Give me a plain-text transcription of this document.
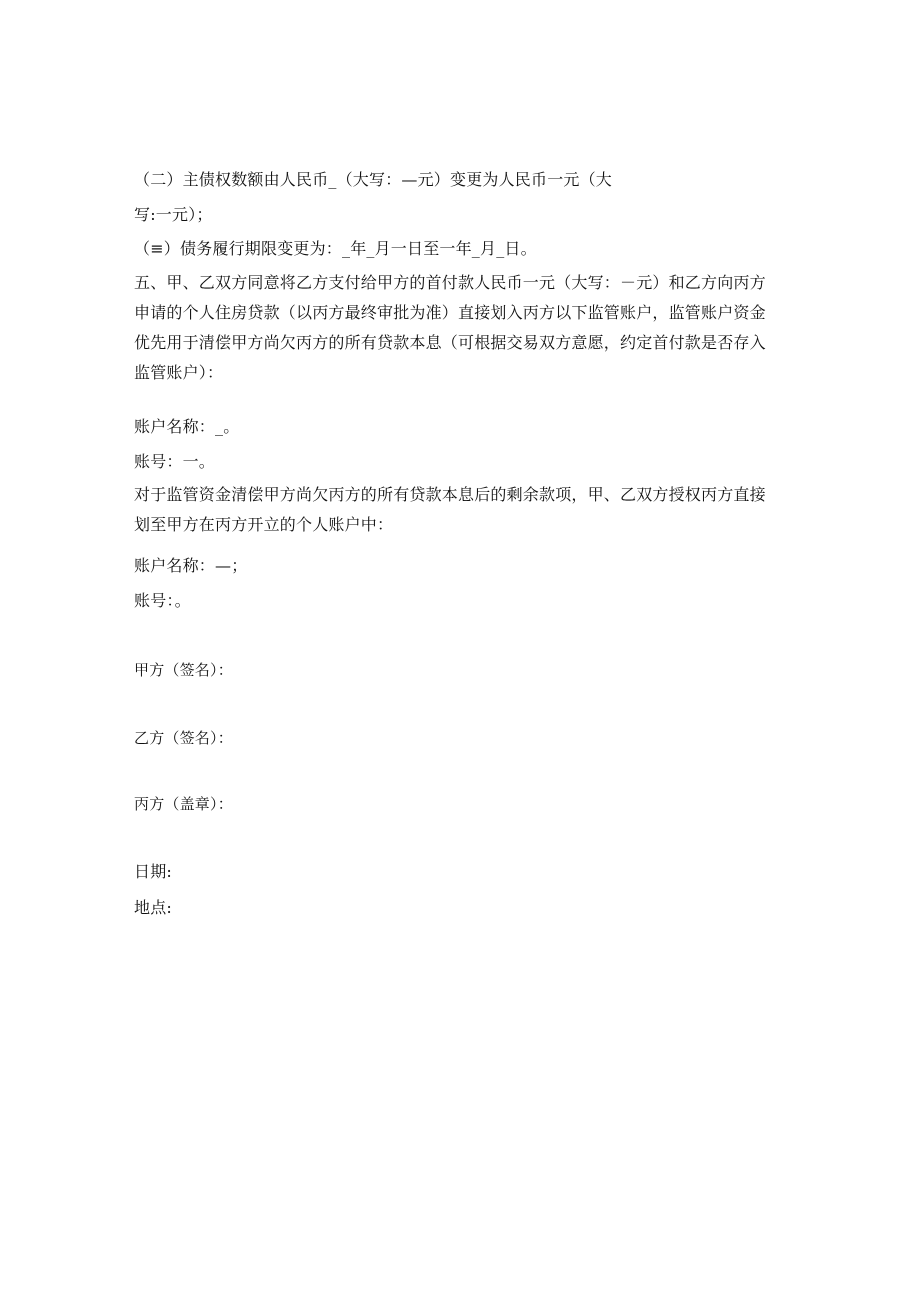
（二）主债权数额由人民币_（大写：—元）变更为人民币一元（大
写:一元）；
（≡）债务履行期限变更为：_年_月一日至一年_月_日。
五、甲、乙双方同意将乙方支付给甲方的首付款人民币一元（大写：－元）和乙方向丙方申请的个人住房贷款（以丙方最终审批为准）直接划入丙方以下监管账户，监管账户资金优先用于清偿甲方尚欠丙方的所有贷款本息（可根据交易双方意愿，约定首付款是否存入监管账户）：
账户名称：_。
账号：一。
对于监管资金清偿甲方尚欠丙方的所有贷款本息后的剩余款项，甲、乙双方授权丙方直接划至甲方在丙方开立的个人账户中：
账户名称：—；
账号：。
甲方（签名）：
乙方（签名）：
丙方（盖章）：
日期:
地点:
